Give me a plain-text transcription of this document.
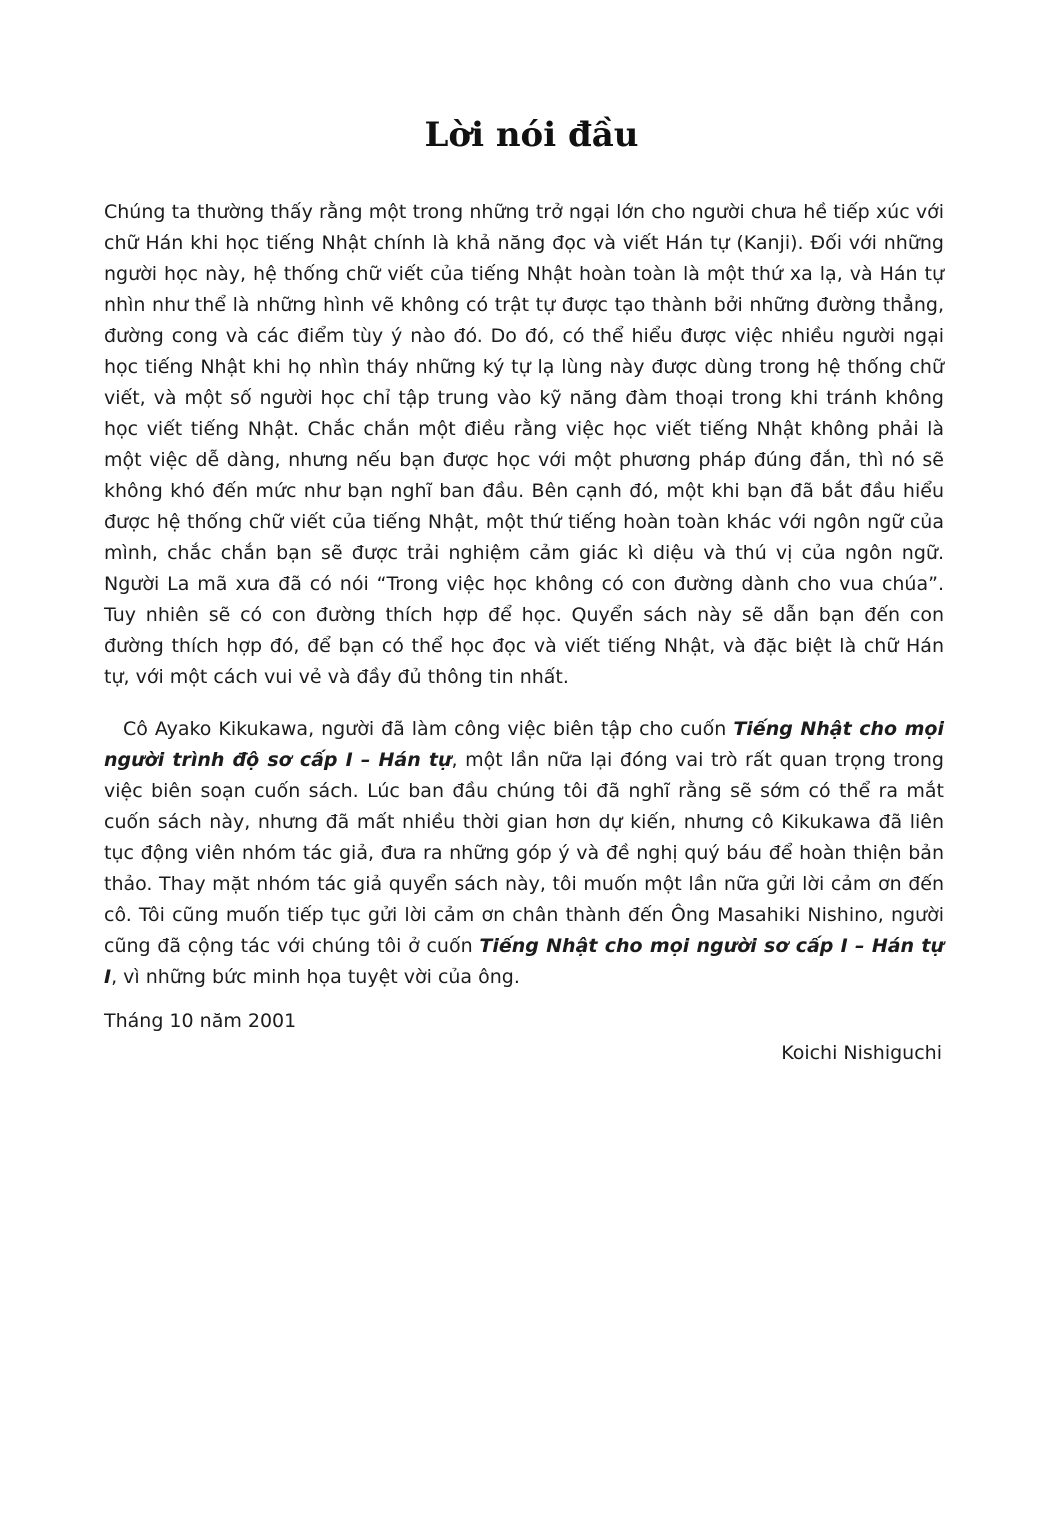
Lời nói đầu

Chúng ta thường thấy rằng một trong những trở ngại lớn cho người chưa hề tiếp xúc với chữ Hán khi học tiếng Nhật chính là khả năng đọc và viết Hán tự (Kanji). Đối với những người học này, hệ thống chữ viết của tiếng Nhật hoàn toàn là một thứ xa lạ, và Hán tự nhìn như thể là những hình vẽ không có trật tự được tạo thành bởi những đường thẳng, đường cong và các điểm tùy ý nào đó. Do đó, có thể hiểu được việc nhiều người ngại học tiếng Nhật khi họ nhìn tháy những ký tự lạ lùng này được dùng trong hệ thống chữ viết, và một số người học chỉ tập trung vào kỹ năng đàm thoại trong khi tránh không học viết tiếng Nhật. Chắc chắn một điều rằng việc học viết tiếng Nhật không phải là một việc dễ dàng, nhưng nếu bạn được học với một phương pháp đúng đắn, thì nó sẽ không khó đến mức như bạn nghĩ ban đầu. Bên cạnh đó, một khi bạn đã bắt đầu hiểu được hệ thống chữ viết của tiếng Nhật, một thứ tiếng hoàn toàn khác với ngôn ngữ của mình, chắc chắn bạn sẽ được trải nghiệm cảm giác kì diệu và thú vị của ngôn ngữ. Người La mã xưa đã có nói “Trong việc học không có con đường dành cho vua chúa”. Tuy nhiên sẽ có con đường thích hợp để học. Quyển sách này sẽ dẫn bạn đến con đường thích hợp đó, để bạn có thể học đọc và viết tiếng Nhật, và đặc biệt là chữ Hán tự, với một cách vui vẻ và đầy đủ thông tin nhất.

Cô Ayako Kikukawa, người đã làm công việc biên tập cho cuốn Tiếng Nhật cho mọi người trình độ sơ cấp I – Hán tự, một lần nữa lại đóng vai trò rất quan trọng trong việc biên soạn cuốn sách. Lúc ban đầu chúng tôi đã nghĩ rằng sẽ sớm có thể ra mắt cuốn sách này, nhưng đã mất nhiều thời gian hơn dự kiến, nhưng cô Kikukawa đã liên tục động viên nhóm tác giả, đưa ra những góp ý và đề nghị quý báu để hoàn thiện bản thảo. Thay mặt nhóm tác giả quyển sách này, tôi muốn một lần nữa gửi lời cảm ơn đến cô. Tôi cũng muốn tiếp tục gửi lời cảm ơn chân thành đến Ông Masahiki Nishino, người cũng đã cộng tác với chúng tôi ở cuốn Tiếng Nhật cho mọi người sơ cấp I – Hán tự I, vì những bức minh họa tuyệt vời của ông.

Tháng 10 năm 2001

Koichi Nishiguchi
